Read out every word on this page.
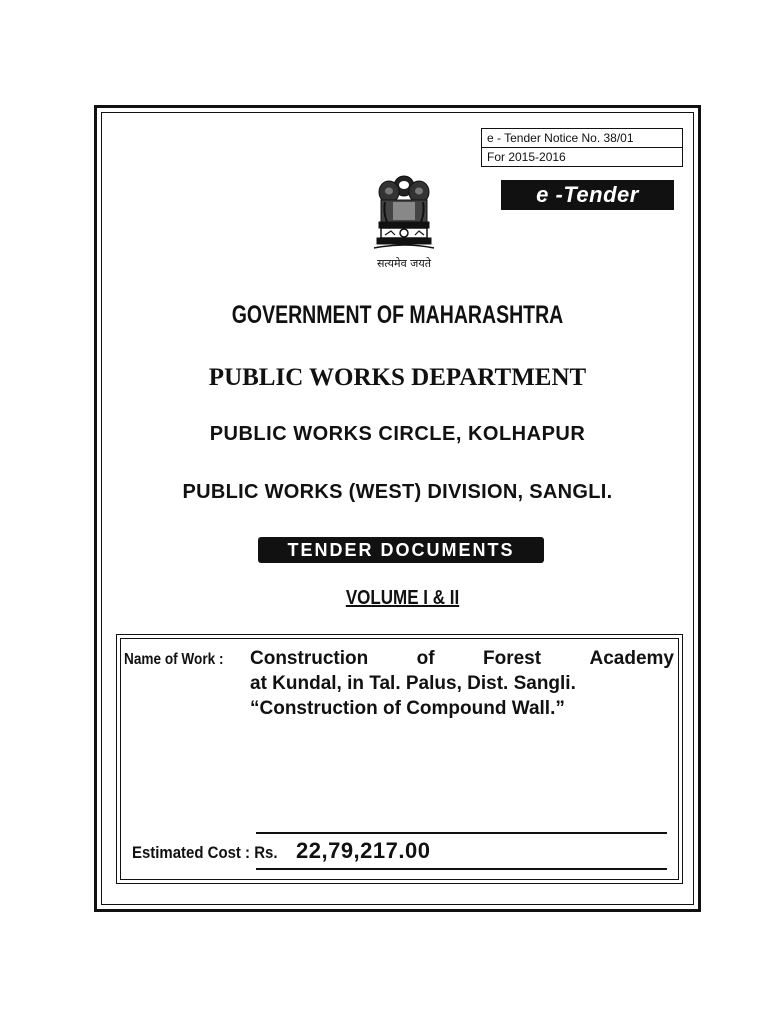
e - Tender Notice No. 38/01
For 2015-2016
e -Tender
सत्यमेव जयते
GOVERNMENT OF MAHARASHTRA
PUBLIC WORKS DEPARTMENT
PUBLIC WORKS CIRCLE, KOLHAPUR
PUBLIC WORKS (WEST) DIVISION, SANGLI.
TENDER DOCUMENTS
VOLUME I & II
Name of Work : Construction	of	Forest	Academy
at Kundal, in Tal. Palus, Dist. Sangli.
“Construction of Compound Wall.”
Estimated Cost : Rs. 22,79,217.00
